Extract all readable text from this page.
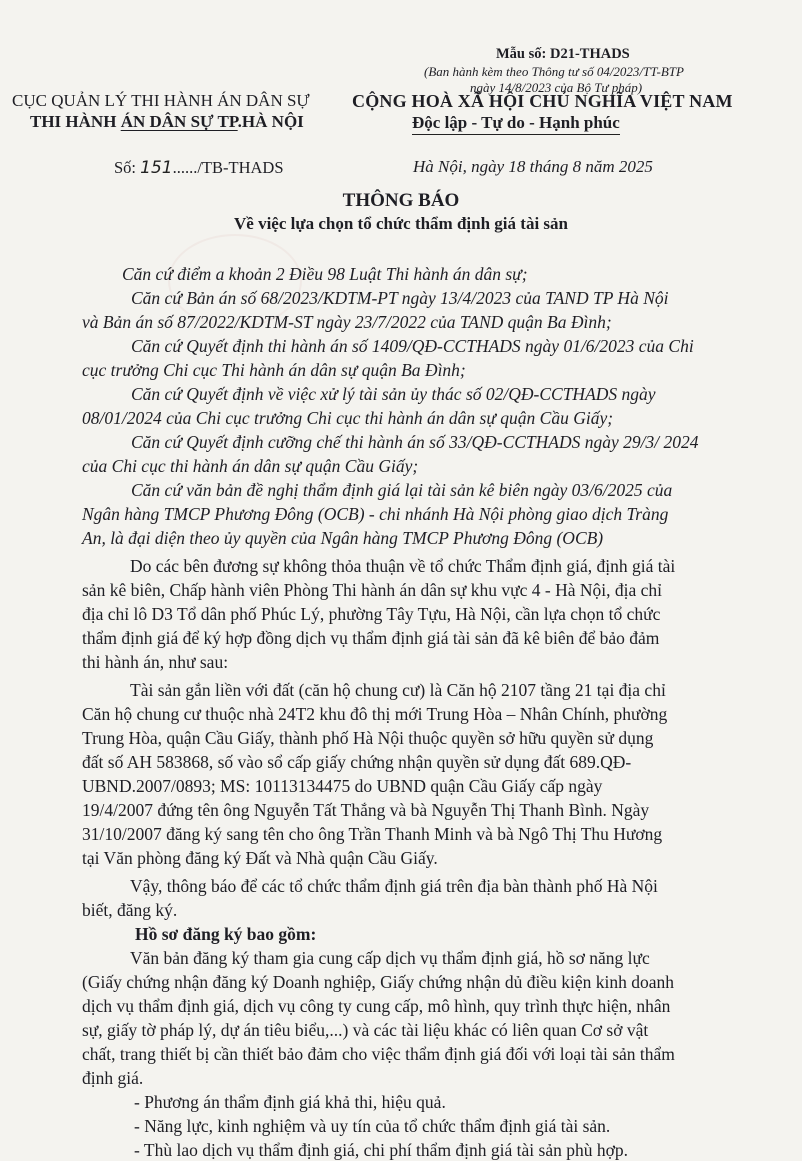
Mẫu số: D21-THADS
(Ban hành kèm theo Thông tư số 04/2023/TT-BTP
ngày 14/8/2023 của Bộ Tư pháp)
CỤC QUẢN LÝ THI HÀNH ÁN DÂN SỰ
THI HÀNH ÁN DÂN SỰ TP.HÀ NỘI
CỘNG HOÀ XÃ HỘI CHỦ NGHĨA VIỆT NAM
Độc lập - Tự do - Hạnh phúc
Số: 151....../TB-THADS	Hà Nội, ngày 18 tháng 8 năm 2025
THÔNG BÁO
Về việc lựa chọn tổ chức thẩm định giá tài sản
Căn cứ điểm a khoản 2 Điều 98 Luật Thi hành án dân sự;
Căn cứ Bản án số 68/2023/KDTM-PT ngày 13/4/2023 của TAND TP Hà Nội
và Bản án số 87/2022/KDTM-ST ngày 23/7/2022 của TAND quận Ba Đình;
Căn cứ Quyết định thi hành án số 1409/QĐ-CCTHADS ngày 01/6/2023 của Chi
cục trưởng Chi cục Thi hành án dân sự quận Ba Đình;
Căn cứ Quyết định về việc xử lý tài sản ủy thác số 02/QĐ-CCTHADS ngày
08/01/2024 của Chi cục trưởng Chi cục thi hành án dân sự quận Cầu Giấy;
Căn cứ Quyết định cưỡng chế thi hành án số 33/QĐ-CCTHADS ngày 29/3/ 2024
của Chi cục thi hành án dân sự quận Cầu Giấy;
Căn cứ văn bản đề nghị thẩm định giá lại tài sản kê biên ngày 03/6/2025 của
Ngân hàng TMCP Phương Đông (OCB) - chi nhánh Hà Nội phòng giao dịch Tràng
An, là đại diện theo ủy quyền của Ngân hàng TMCP Phương Đông (OCB)
Do các bên đương sự không thỏa thuận về tổ chức Thẩm định giá, định giá tài
sản kê biên, Chấp hành viên Phòng Thi hành án dân sự khu vực 4 - Hà Nội, địa chỉ
địa chỉ lô D3 Tổ dân phố Phúc Lý, phường Tây Tựu, Hà Nội, cần lựa chọn tổ chức
thẩm định giá để ký hợp đồng dịch vụ thẩm định giá tài sản đã kê biên để bảo đảm
thi hành án, như sau:
Tài sản gắn liền với đất (căn hộ chung cư) là Căn hộ 2107 tầng 21 tại địa chỉ
Căn hộ chung cư thuộc nhà 24T2 khu đô thị mới Trung Hòa – Nhân Chính, phường
Trung Hòa, quận Cầu Giấy, thành phố Hà Nội thuộc quyền sở hữu quyền sử dụng
đất số AH 583868, số vào sổ cấp giấy chứng nhận quyền sử dụng đất 689.QĐ-
UBND.2007/0893; MS: 10113134475 do UBND quận Cầu Giấy cấp ngày
19/4/2007 đứng tên ông Nguyễn Tất Thắng và bà Nguyễn Thị Thanh Bình. Ngày
31/10/2007 đăng ký sang tên cho ông Trần Thanh Minh và bà Ngô Thị Thu Hương
tại Văn phòng đăng ký Đất và Nhà quận Cầu Giấy.
Vậy, thông báo để các tổ chức thẩm định giá trên địa bàn thành phố Hà Nội
biết, đăng ký.
Hồ sơ đăng ký bao gồm:
Văn bản đăng ký tham gia cung cấp dịch vụ thẩm định giá, hồ sơ năng lực
(Giấy chứng nhận đăng ký Doanh nghiệp, Giấy chứng nhận dủ điều kiện kinh doanh
dịch vụ thẩm định giá, dịch vụ công ty cung cấp, mô hình, quy trình thực hiện, nhân
sự, giấy tờ pháp lý, dự án tiêu biểu,...) và các tài liệu khác có liên quan Cơ sở vật
chất, trang thiết bị cần thiết bảo đảm cho việc thẩm định giá đối với loại tài sản thẩm
định giá.
- Phương án thẩm định giá khả thi, hiệu quả.
- Năng lực, kinh nghiệm và uy tín của tổ chức thẩm định giá tài sản.
- Thù lao dịch vụ thẩm định giá, chi phí thẩm định giá tài sản phù hợp.
